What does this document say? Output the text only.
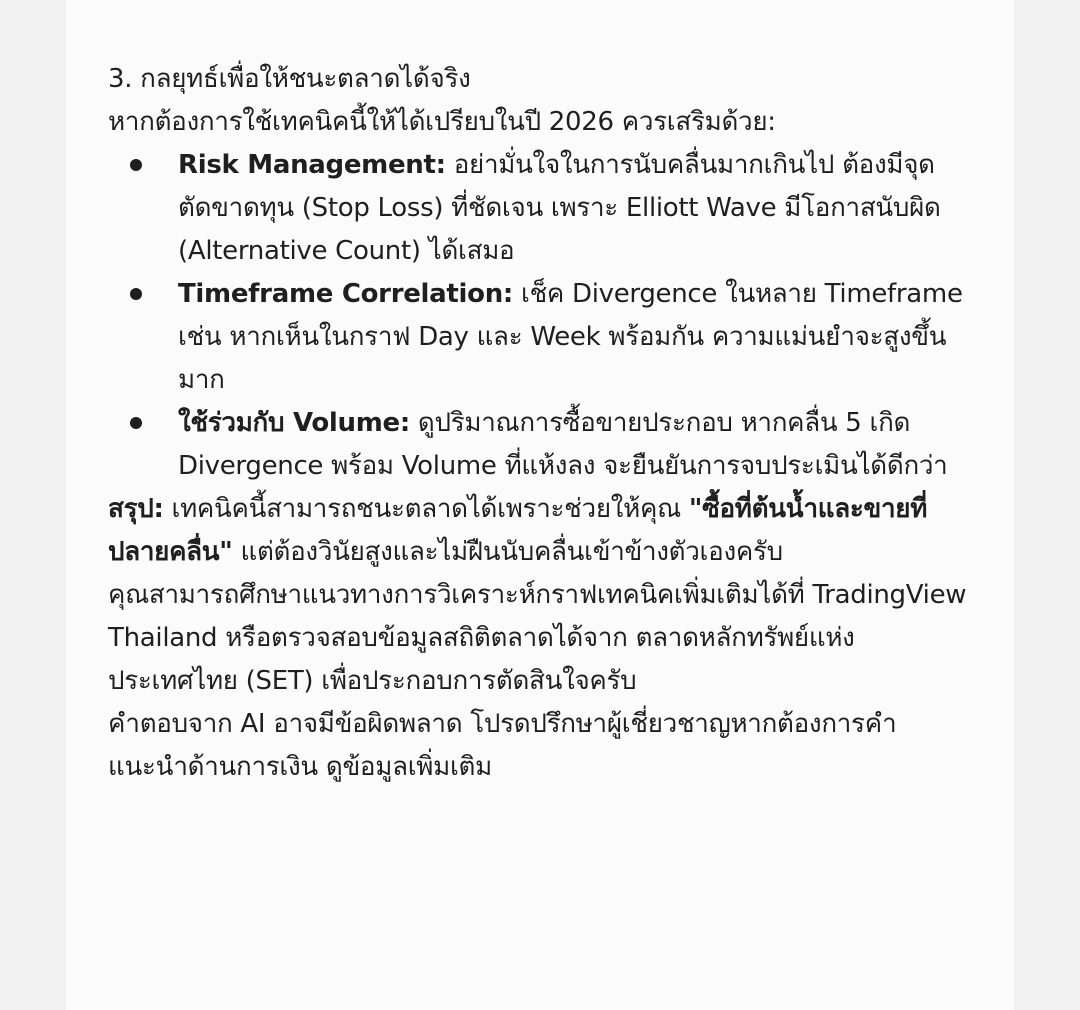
3. กลยุทธ์เพื่อให้ชนะตลาดได้จริง

หากต้องการใช้เทคนิคนี้ให้ได้เปรียบในปี 2026 ควรเสริมด้วย:

Risk Management: อย่ามั่นใจในการนับคลื่นมากเกินไป ต้องมีจุดตัดขาดทุน (Stop Loss) ที่ชัดเจน เพราะ Elliott Wave มีโอกาสนับผิด (Alternative Count) ได้เสมอ
Timeframe Correlation: เช็ค Divergence ในหลาย Timeframe เช่น หากเห็นในกราฟ Day และ Week พร้อมกัน ความแม่นยำจะสูงขึ้นมาก
ใช้ร่วมกับ Volume: ดูปริมาณการซื้อขายประกอบ หากคลื่น 5 เกิด Divergence พร้อม Volume ที่แห้งลง จะยืนยันการจบประเมินได้ดีกว่า

สรุป: เทคนิคนี้สามารถชนะตลาดได้เพราะช่วยให้คุณ "ซื้อที่ต้นน้ำและขายที่ปลายคลื่น" แต่ต้องวินัยสูงและไม่ฝืนนับคลื่นเข้าข้างตัวเองครับ

คุณสามารถศึกษาแนวทางการวิเคราะห์กราฟเทคนิคเพิ่มเติมได้ที่ TradingView Thailand หรือตรวจสอบข้อมูลสถิติตลาดได้จาก ตลาดหลักทรัพย์แห่งประเทศไทย (SET) เพื่อประกอบการตัดสินใจครับ

คำตอบจาก AI อาจมีข้อผิดพลาด โปรดปรึกษาผู้เชี่ยวชาญหากต้องการคำแนะนำด้านการเงิน ดูข้อมูลเพิ่มเติม
